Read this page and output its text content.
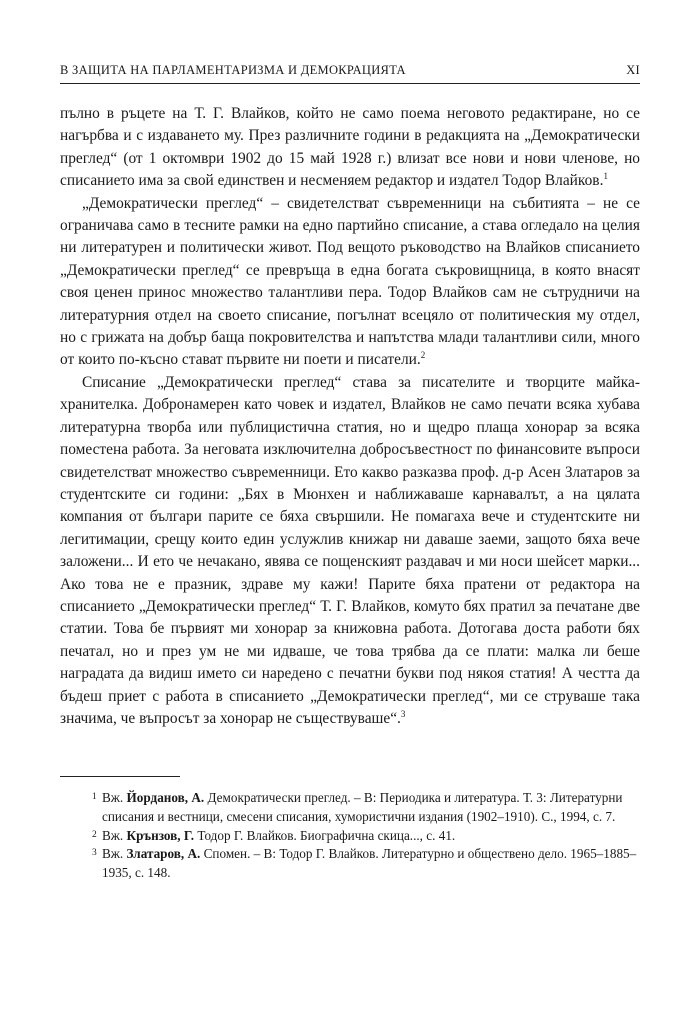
В ЗАЩИТА НА ПАРЛАМЕНТАРИЗМА И ДЕМОКРАЦИЯТА	XI

пълно в ръцете на Т. Г. Влайков, който не само поема неговото редактиране, но се нагърбва и с издаването му. През различните години в редакцията на „Демократически преглед“ (от 1 октомври 1902 до 15 май 1928 г.) влизат все нови и нови членове, но списанието има за свой единствен и несменяем редактор и издател Тодор Влайков.$^1$

„Демократически преглед“ – свидетелстват съвременници на събитията – не се ограничава само в тесните рамки на едно партийно списание, а става огледало на целия ни литературен и политически живот. Под вещото ръководство на Влайков списанието „Демократически преглед“ се превръща в една богата съкровищница, в която внасят своя ценен принос множество талантливи пера. Тодор Влайков сам не сътрудничи на литературния отдел на своето списание, погълнат всецяло от политическия му отдел, но с грижата на добър баща покровителства и напътства млади талантливи сили, много от които по-късно стават първите ни поети и писатели.$^2$

Списание „Демократически преглед“ става за писателите и творците майка-хранителка. Добронамерен като човек и издател, Влайков не само печати всяка хубава литературна творба или публицистична статия, но и щедро плаща хонорар за всяка поместена работа. За неговата изключителна добросъвестност по финансовите въпроси свидетелстват множество съвременници. Ето какво разказва проф. д-р Асен Златаров за студентските си години: „Бях в Мюнхен и наближаваше карнавалът, а на цялата компания от българи парите се бяха свършили. Не помагаха вече и студентските ни легитимации, срещу които един услужлив книжар ни даваше заеми, защото бяха вече заложени... И ето че нечакано, явява се пощенският раздавач и ми носи шейсет марки... Ако това не е празник, здраве му кажи! Парите бяха пратени от редактора на списанието „Демократически преглед“ Т. Г. Влайков, комуто бях пратил за печатане две статии. Това бе първият ми хонорар за книжовна работа. Дотогава доста работи бях печатал, но и през ум не ми идваше, че това трябва да се плати: малка ли беше наградата да видиш името си наредено с печатни букви под някоя статия! А честта да бъдеш приет с работа в списанието „Демократически преглед“, ми се струваше така значима, че въпросът за хонорар не съществуваше“.$^3$

1 Вж. Йорданов, А. Демократически преглед. – В: Периодика и литература. Т. 3: Литературни списания и вестници, смесени списания, хумористични издания (1902–1910). С., 1994, с. 7.
2 Вж. Крънзов, Г. Тодор Г. Влайков. Биографична скица..., с. 41.
3 Вж. Златаров, А. Спомен. – В: Тодор Г. Влайков. Литературно и обществено дело. 1965–1885–1935, с. 148.
